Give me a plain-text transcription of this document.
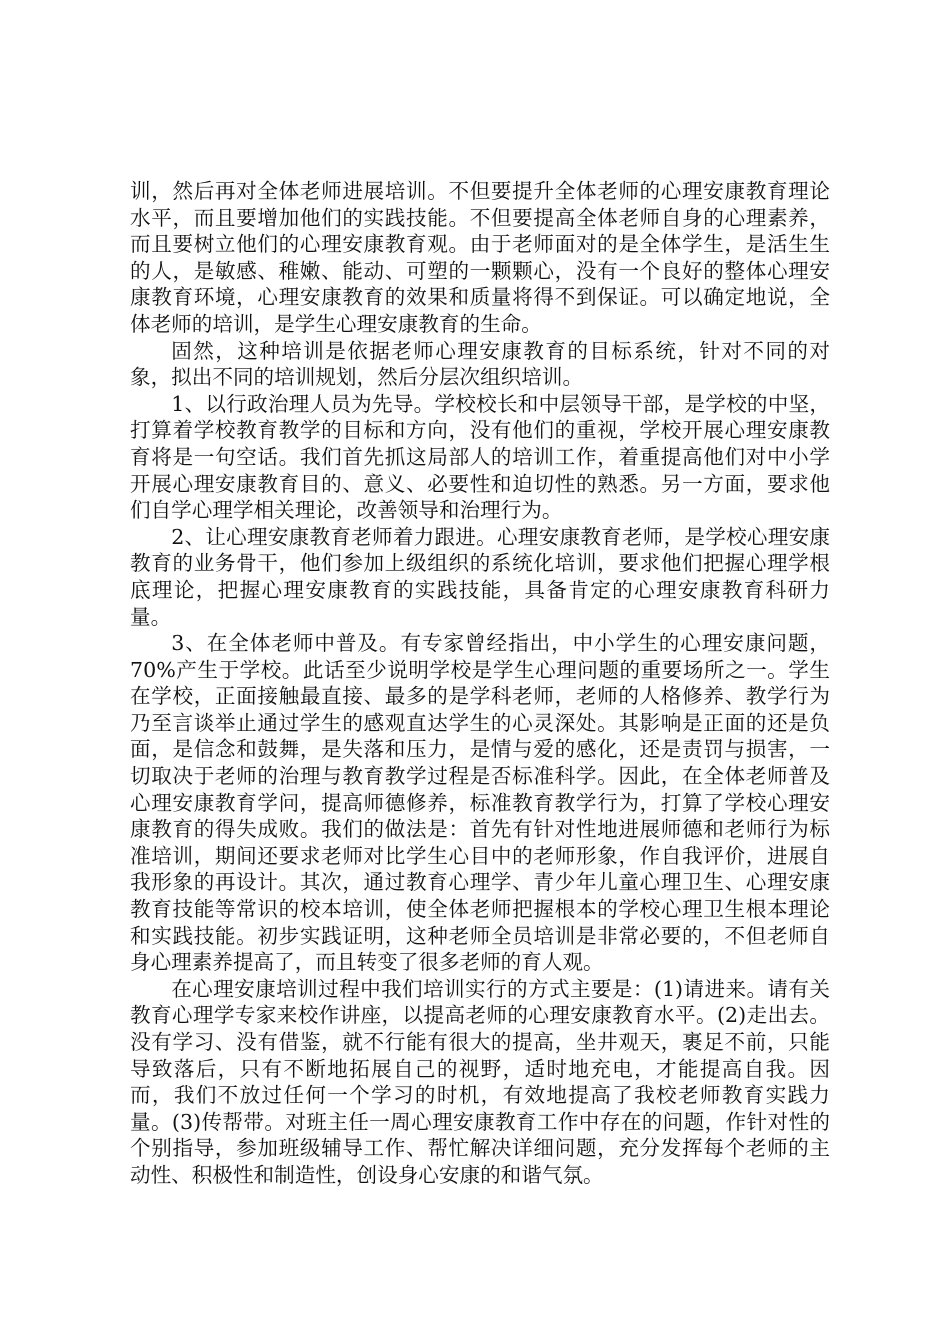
训，然后再对全体老师进展培训。不但要提升全体老师的心理安康教育理论水平，而且要增加他们的实践技能。不但要提高全体老师自身的心理素养，而且要树立他们的心理安康教育观。由于老师面对的是全体学生，是活生生的人，是敏感、稚嫩、能动、可塑的一颗颗心，没有一个良好的整体心理安康教育环境，心理安康教育的效果和质量将得不到保证。可以确定地说，全体老师的培训，是学生心理安康教育的生命。

固然，这种培训是依据老师心理安康教育的目标系统，针对不同的对象，拟出不同的培训规划，然后分层次组织培训。

1、以行政治理人员为先导。学校校长和中层领导干部，是学校的中坚，打算着学校教育教学的目标和方向，没有他们的重视，学校开展心理安康教育将是一句空话。我们首先抓这局部人的培训工作，着重提高他们对中小学开展心理安康教育目的、意义、必要性和迫切性的熟悉。另一方面，要求他们自学心理学相关理论，改善领导和治理行为。

2、让心理安康教育老师着力跟进。心理安康教育老师，是学校心理安康教育的业务骨干，他们参加上级组织的系统化培训，要求他们把握心理学根底理论，把握心理安康教育的实践技能，具备肯定的心理安康教育科研力量。

3、在全体老师中普及。有专家曾经指出，中小学生的心理安康问题，70%产生于学校。此话至少说明学校是学生心理问题的重要场所之一。学生在学校，正面接触最直接、最多的是学科老师，老师的人格修养、教学行为乃至言谈举止通过学生的感观直达学生的心灵深处。其影响是正面的还是负面，是信念和鼓舞，是失落和压力，是情与爱的感化，还是责罚与损害，一切取决于老师的治理与教育教学过程是否标准科学。因此，在全体老师普及心理安康教育学问，提高师德修养，标准教育教学行为，打算了学校心理安康教育的得失成败。我们的做法是：首先有针对性地进展师德和老师行为标准培训，期间还要求老师对比学生心目中的老师形象，作自我评价，进展自我形象的再设计。其次，通过教育心理学、青少年儿童心理卫生、心理安康教育技能等常识的校本培训，使全体老师把握根本的学校心理卫生根本理论和实践技能。初步实践证明，这种老师全员培训是非常必要的，不但老师自身心理素养提高了，而且转变了很多老师的育人观。

在心理安康培训过程中我们培训实行的方式主要是：(1)请进来。请有关教育心理学专家来校作讲座，以提高老师的心理安康教育水平。(2)走出去。没有学习、没有借鉴，就不行能有很大的提高，坐井观天，裹足不前，只能导致落后，只有不断地拓展自己的视野，适时地充电，才能提高自我。因而，我们不放过任何一个学习的时机，有效地提高了我校老师教育实践力量。(3)传帮带。对班主任一周心理安康教育工作中存在的问题，作针对性的个别指导，参加班级辅导工作、帮忙解决详细问题，充分发挥每个老师的主动性、积极性和制造性，创设身心安康的和谐气氛。
